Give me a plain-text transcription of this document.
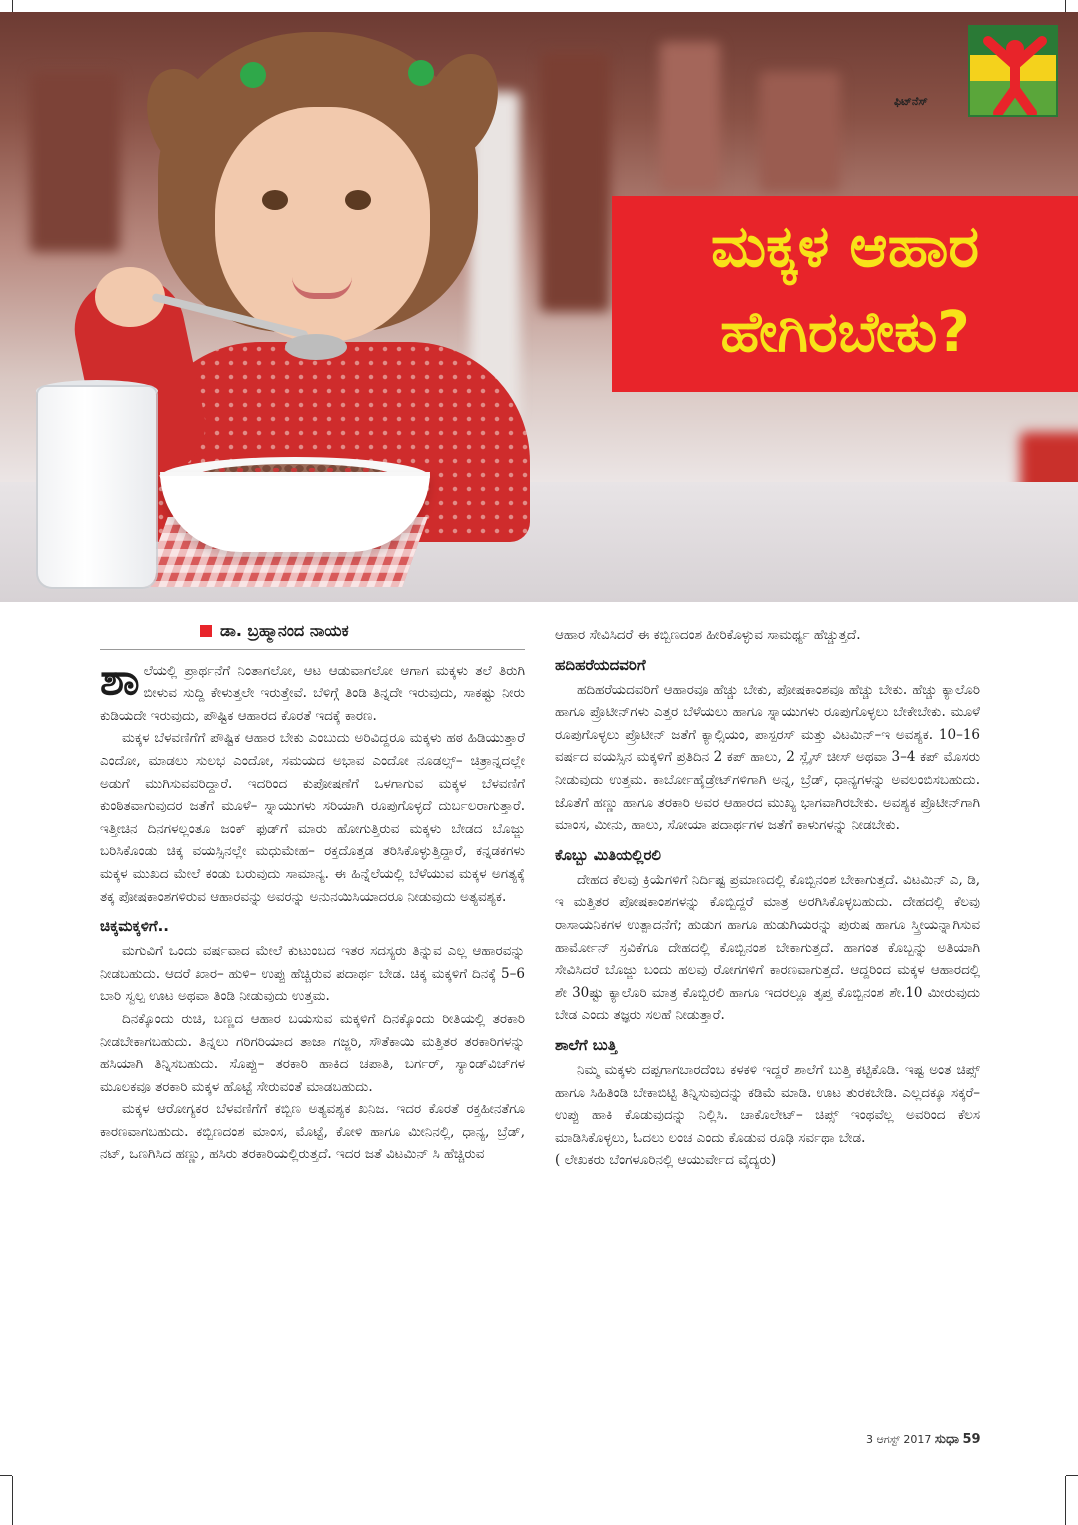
ಫಿಟ್‌ನೆಸ್
ಮಕ್ಕಳ ಆಹಾರ
ಹೇಗಿರಬೇಕು?
ಡಾ. ಬ್ರಹ್ಮಾನಂದ ನಾಯಕ

ಶಾಲೆಯಲ್ಲಿ ಪ್ರಾರ್ಥನೆಗೆ ನಿಂತಾಗಲೋ, ಆಟ ಆಡುವಾಗಲೋ ಆಗಾಗ ಮಕ್ಕಳು ತಲೆ ತಿರುಗಿ ಬೀಳುವ ಸುದ್ದಿ ಕೇಳುತ್ತಲೇ ಇರುತ್ತೇವೆ. ಬೆಳಿಗ್ಗೆ ತಿಂಡಿ ತಿನ್ನದೇ ಇರುವುದು, ಸಾಕಷ್ಟು ನೀರು ಕುಡಿಯದೇ ಇರುವುದು, ಪೌಷ್ಟಿಕ ಆಹಾರದ ಕೊರತೆ ಇದಕ್ಕೆ ಕಾರಣ.

ಮಕ್ಕಳ ಬೆಳವಣಿಗೆಗೆ ಪೌಷ್ಟಿಕ ಆಹಾರ ಬೇಕು ಎಂಬುದು ಅರಿವಿದ್ದರೂ ಮಕ್ಕಳು ಹಠ ಹಿಡಿಯುತ್ತಾರೆ ಎಂದೋ, ಮಾಡಲು ಸುಲಭ ಎಂದೋ, ಸಮಯದ ಅಭಾವ ಎಂದೋ ನೂಡಲ್ಸ್– ಚಿತ್ರಾನ್ನದಲ್ಲೇ ಅಡುಗೆ ಮುಗಿಸುವವರಿದ್ದಾರೆ. ಇದರಿಂದ ಕುಪೋಷಣೆಗೆ ಒಳಗಾಗುವ ಮಕ್ಕಳ ಬೆಳವಣಿಗೆ ಕುಂಠಿತವಾಗುವುದರ ಜತೆಗೆ ಮೂಳೆ– ಸ್ನಾಯುಗಳು ಸರಿಯಾಗಿ ರೂಪುಗೊಳ್ಳದೆ ದುರ್ಬಲರಾಗುತ್ತಾರೆ. ಇತ್ತೀಚಿನ ದಿನಗಳಲ್ಲಂತೂ ಜಂಕ್ ಫುಡ್‌ಗೆ ಮಾರು ಹೋಗುತ್ತಿರುವ ಮಕ್ಕಳು ಬೇಡದ ಬೊಜ್ಜು ಬರಿಸಿಕೊಂಡು ಚಿಕ್ಕ ವಯಸ್ಸಿನಲ್ಲೇ ಮಧುಮೇಹ– ರಕ್ತದೊತ್ತಡ ತರಿಸಿಕೊಳ್ಳುತ್ತಿದ್ದಾರೆ, ಕನ್ನಡಕಗಳು ಮಕ್ಕಳ ಮುಖದ ಮೇಲೆ ಕಂಡು ಬರುವುದು ಸಾಮಾನ್ಯ. ಈ ಹಿನ್ನೆಲೆಯಲ್ಲಿ ಬೆಳೆಯುವ ಮಕ್ಕಳ ಅಗತ್ಯಕ್ಕೆ ತಕ್ಕ ಪೋಷಕಾಂಶಗಳಿರುವ ಆಹಾರವನ್ನು ಅವರನ್ನು ಅನುನಯಿಸಿಯಾದರೂ ನೀಡುವುದು ಅತ್ಯವಶ್ಯಕ.

ಚಿಕ್ಕಮಕ್ಕಳಿಗೆ..

ಮಗುವಿಗೆ ಒಂದು ವರ್ಷವಾದ ಮೇಲೆ ಕುಟುಂಬದ ಇತರ ಸದಸ್ಯರು ತಿನ್ನುವ ಎಲ್ಲ ಆಹಾರವನ್ನು ನೀಡಬಹುದು. ಆದರೆ ಖಾರ– ಹುಳಿ– ಉಪ್ಪು ಹೆಚ್ಚಿರುವ ಪದಾರ್ಥ ಬೇಡ. ಚಿಕ್ಕ ಮಕ್ಕಳಿಗೆ ದಿನಕ್ಕೆ 5–6 ಬಾರಿ ಸ್ವಲ್ಪ ಊಟ ಅಥವಾ ತಿಂಡಿ ನೀಡುವುದು ಉತ್ತಮ.

ದಿನಕ್ಕೊಂದು ರುಚಿ, ಬಣ್ಣದ ಆಹಾರ ಬಯಸುವ ಮಕ್ಕಳಿಗೆ ದಿನಕ್ಕೊಂದು ರೀತಿಯಲ್ಲಿ ತರಕಾರಿ ನೀಡಬೇಕಾಗಬಹುದು. ತಿನ್ನಲು ಗರಿಗರಿಯಾದ ತಾಜಾ ಗಜ್ಜರಿ, ಸೌತೆಕಾಯಿ ಮತ್ತಿತರ ತರಕಾರಿಗಳನ್ನು ಹಸಿಯಾಗಿ ತಿನ್ನಿಸಬಹುದು. ಸೊಪ್ಪು– ತರಕಾರಿ ಹಾಕಿದ ಚಪಾತಿ, ಬರ್ಗರ್, ಸ್ಯಾಂಡ್‌ವಿಚ್‌ಗಳ ಮೂಲಕವೂ ತರಕಾರಿ ಮಕ್ಕಳ ಹೊಟ್ಟೆ ಸೇರುವಂತೆ ಮಾಡಬಹುದು.

ಮಕ್ಕಳ ಆರೋಗ್ಯಕರ ಬೆಳವಣಿಗೆಗೆ ಕಬ್ಬಿಣ ಅತ್ಯವಶ್ಯಕ ಖನಿಜ. ಇದರ ಕೊರತೆ ರಕ್ತಹೀನತೆಗೂ ಕಾರಣವಾಗಬಹುದು. ಕಬ್ಬಿಣದಂಶ ಮಾಂಸ, ಮೊಟ್ಟೆ, ಕೋಳಿ ಹಾಗೂ ಮೀನಿನಲ್ಲಿ, ಧಾನ್ಯ, ಬ್ರೆಡ್, ನಟ್, ಒಣಗಿಸಿದ ಹಣ್ಣು, ಹಸಿರು ತರಕಾರಿಯಲ್ಲಿರುತ್ತದೆ. ಇದರ ಜತೆ ವಿಟಮಿನ್ ಸಿ ಹೆಚ್ಚಿರುವ

ಆಹಾರ ಸೇವಿಸಿದರೆ ಈ ಕಬ್ಬಿಣದಂಶ ಹೀರಿಕೊಳ್ಳುವ ಸಾಮರ್ಥ್ಯ ಹೆಚ್ಚುತ್ತದೆ.

ಹದಿಹರೆಯದವರಿಗೆ

ಹದಿಹರೆಯದವರಿಗೆ ಆಹಾರವೂ ಹೆಚ್ಚು ಬೇಕು, ಪೋಷಕಾಂಶವೂ ಹೆಚ್ಚು ಬೇಕು. ಹೆಚ್ಚು ಕ್ಯಾಲೊರಿ ಹಾಗೂ ಪ್ರೊಟೀನ್‌ಗಳು ಎತ್ತರ ಬೆಳೆಯಲು ಹಾಗೂ ಸ್ನಾಯುಗಳು ರೂಪುಗೊಳ್ಳಲು ಬೇಕೇಬೇಕು. ಮೂಳೆ ರೂಪುಗೊಳ್ಳಲು ಪ್ರೊಟೀನ್ ಜತೆಗೆ ಕ್ಯಾಲ್ಸಿಯಂ, ಪಾಸ್ಪರಸ್ ಮತ್ತು ವಿಟಮಿನ್–ಇ ಅವಶ್ಯಕ. 10–16 ವರ್ಷದ ವಯಸ್ಸಿನ ಮಕ್ಕಳಿಗೆ ಪ್ರತಿದಿನ 2 ಕಪ್ ಹಾಲು, 2 ಸ್ಲೈಸ್ ಚೀಸ್ ಅಥವಾ 3–4 ಕಪ್ ಮೊಸರು ನೀಡುವುದು ಉತ್ತಮ. ಕಾರ್ಬೋಹೈಡ್ರೇಟ್‌ಗಳಿಗಾಗಿ ಅನ್ನ, ಬ್ರೆಡ್, ಧಾನ್ಯಗಳನ್ನು ಅವಲಂಬಿಸಬಹುದು. ಜೊತೆಗೆ ಹಣ್ಣು ಹಾಗೂ ತರಕಾರಿ ಅವರ ಆಹಾರದ ಮುಖ್ಯ ಭಾಗವಾಗಿರಬೇಕು. ಅವಶ್ಯಕ ಪ್ರೊಟೀನ್‌ಗಾಗಿ ಮಾಂಸ, ಮೀನು, ಹಾಲು, ಸೋಯಾ ಪದಾರ್ಥಗಳ ಜತೆಗೆ ಕಾಳುಗಳನ್ನು ನೀಡಬೇಕು.

ಕೊಬ್ಬು ಮಿತಿಯಲ್ಲಿರಲಿ

ದೇಹದ ಕೆಲವು ಕ್ರಿಯೆಗಳಿಗೆ ನಿರ್ದಿಷ್ಟ ಪ್ರಮಾಣದಲ್ಲಿ ಕೊಬ್ಬಿನಂಶ ಬೇಕಾಗುತ್ತದೆ. ವಿಟಮಿನ್ ಎ, ಡಿ, ಇ ಮತ್ತಿತರ ಪೋಷಕಾಂಶಗಳನ್ನು ಕೊಬ್ಬಿದ್ದರೆ ಮಾತ್ರ ಅರಗಿಸಿಕೊಳ್ಳಬಹುದು. ದೇಹದಲ್ಲಿ ಕೆಲವು ರಾಸಾಯನಿಕಗಳ ಉತ್ಪಾದನೆಗೆ; ಹುಡುಗ ಹಾಗೂ ಹುಡುಗಿಯರನ್ನು ಪುರುಷ ಹಾಗೂ ಸ್ತ್ರೀಯನ್ನಾಗಿಸುವ ಹಾರ್ಮೋನ್ ಸ್ರವಿಕೆಗೂ ದೇಹದಲ್ಲಿ ಕೊಬ್ಬಿನಂಶ ಬೇಕಾಗುತ್ತದೆ. ಹಾಗಂತ ಕೊಬ್ಬನ್ನು ಅತಿಯಾಗಿ ಸೇವಿಸಿದರೆ ಬೊಜ್ಜು ಬಂದು ಹಲವು ರೋಗಗಳಿಗೆ ಕಾರಣವಾಗುತ್ತದೆ. ಆದ್ದರಿಂದ ಮಕ್ಕಳ ಆಹಾರದಲ್ಲಿ ಶೇ 30ಷ್ಟು ಕ್ಯಾಲೊರಿ ಮಾತ್ರ ಕೊಬ್ಬಿರಲಿ ಹಾಗೂ ಇದರಲ್ಲೂ ತೃಪ್ತ ಕೊಬ್ಬಿನಂಶ ಶೇ.10 ಮೀರುವುದು ಬೇಡ ಎಂದು ತಜ್ಞರು ಸಲಹೆ ನೀಡುತ್ತಾರೆ.

ಶಾಲೆಗೆ ಬುತ್ತಿ

ನಿಮ್ಮ ಮಕ್ಕಳು ದಪ್ಪಗಾಗಬಾರದೆಂಬ ಕಳಕಳಿ ಇದ್ದರೆ ಶಾಲೆಗೆ ಬುತ್ತಿ ಕಟ್ಟಿಕೊಡಿ. ಇಷ್ಟ ಅಂತ ಚಿಪ್ಸ್ ಹಾಗೂ ಸಿಹಿತಿಂಡಿ ಬೇಕಾಬಿಟ್ಟಿ ತಿನ್ನಿಸುವುದನ್ನು ಕಡಿಮೆ ಮಾಡಿ. ಊಟ ತುರಕಬೇಡಿ. ಎಲ್ಲದಕ್ಕೂ ಸಕ್ಕರೆ– ಉಪ್ಪು ಹಾಕಿ ಕೊಡುವುದನ್ನು ನಿಲ್ಲಿಸಿ. ಚಾಕೊಲೇಟ್– ಚಿಪ್ಸ್ ಇಂಥವೆಲ್ಲ ಅವರಿಂದ ಕೆಲಸ ಮಾಡಿಸಿಕೊಳ್ಳಲು, ಓದಲು ಲಂಚ ಎಂದು ಕೊಡುವ ರೂಢಿ ಸರ್ವಥಾ ಬೇಡ.

( ಲೇಖಕರು ಬೆಂಗಳೂರಿನಲ್ಲಿ ಆಯುರ್ವೇದ ವೈದ್ಯರು)

3 ಆಗಸ್ಟ್ 2017 ಸುಧಾ 59
